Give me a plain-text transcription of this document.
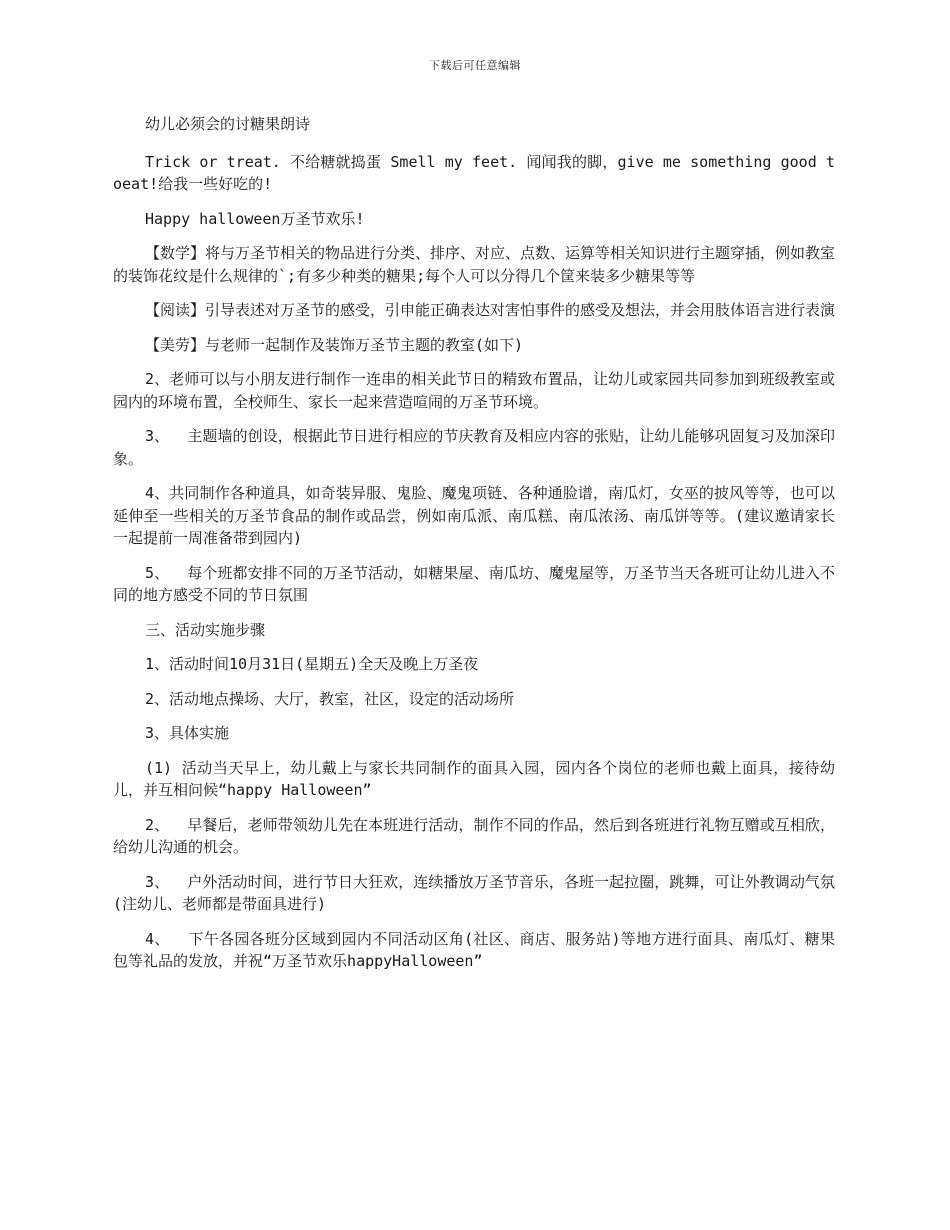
下载后可任意编辑

幼儿必须会的讨糖果朗诗

Trick or treat. 不给糖就捣蛋 Smell my feet. 闻闻我的脚，give me something good toeat!给我一些好吃的!

Happy halloween万圣节欢乐!

【数学】将与万圣节相关的物品进行分类、排序、对应、点数、运算等相关知识进行主题穿插，例如教室的装饰花纹是什么规律的`;有多少种类的糖果;每个人可以分得几个筐来装多少糖果等等

【阅读】引导表述对万圣节的感受，引申能正确表达对害怕事件的感受及想法，并会用肢体语言进行表演

【美劳】与老师一起制作及装饰万圣节主题的教室(如下)

2、老师可以与小朋友进行制作一连串的相关此节日的精致布置品，让幼儿或家园共同参加到班级教室或园内的环境布置，全校师生、家长一起来营造喧闹的万圣节环境。

3、  主题墙的创设，根据此节日进行相应的节庆教育及相应内容的张贴，让幼儿能够巩固复习及加深印象。

4、共同制作各种道具，如奇装异服、鬼脸、魔鬼项链、各种通脸谱，南瓜灯，女巫的披风等等，也可以延伸至一些相关的万圣节食品的制作或品尝，例如南瓜派、南瓜糕、南瓜浓汤、南瓜饼等等。(建议邀请家长一起提前一周准备带到园内)

5、  每个班都安排不同的万圣节活动，如糖果屋、南瓜坊、魔鬼屋等，万圣节当天各班可让幼儿进入不同的地方感受不同的节日氛围

三、活动实施步骤

1、活动时间10月31日(星期五)全天及晚上万圣夜

2、活动地点操场、大厅，教室，社区，设定的活动场所

3、具体实施

(1) 活动当天早上，幼儿戴上与家长共同制作的面具入园，园内各个岗位的老师也戴上面具，接待幼儿，并互相问候“happy Halloween”

2、  早餐后，老师带领幼儿先在本班进行活动，制作不同的作品，然后到各班进行礼物互赠或互相欣，给幼儿沟通的机会。

3、  户外活动时间，进行节日大狂欢，连续播放万圣节音乐，各班一起拉圈，跳舞，可让外教调动气氛(注幼儿、老师都是带面具进行)

4、  下午各园各班分区域到园内不同活动区角(社区、商店、服务站)等地方进行面具、南瓜灯、糖果包等礼品的发放，并祝“万圣节欢乐happyHalloween”
